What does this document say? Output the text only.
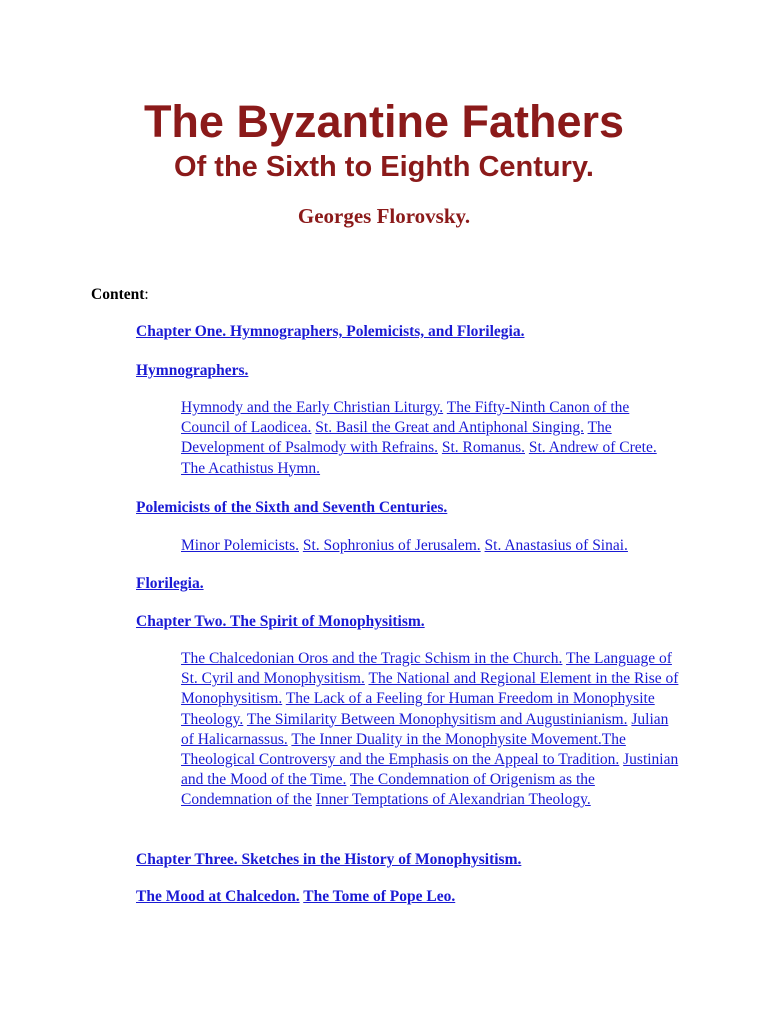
The Byzantine Fathers
Of the Sixth to Eighth Century.
Georges Florovsky.
Content:
Chapter One. Hymnographers, Polemicists, and Florilegia.
Hymnographers.
Hymnody and the Early Christian Liturgy. The Fifty-Ninth Canon of the Council of Laodicea. St. Basil the Great and Antiphonal Singing. The Development of Psalmody with Refrains. St. Romanus. St. Andrew of Crete. The Acathistus Hymn.
Polemicists of the Sixth and Seventh Centuries.
Minor Polemicists. St. Sophronius of Jerusalem. St. Anastasius of Sinai.
Florilegia.
Chapter Two. The Spirit of Monophysitism.
The Chalcedonian Oros and the Tragic Schism in the Church. The Language of St. Cyril and Monophysitism. The National and Regional Element in the Rise of Monophysitism. The Lack of a Feeling for Human Freedom in Monophysite Theology. The Similarity Between Monophysitism and Augustinianism. Julian of Halicarnassus. The Inner Duality in the Monophysite Movement.The Theological Controversy and the Emphasis on the Appeal to Tradition. Justinian and the Mood of the Time. The Condemnation of Origenism as the Condemnation of the Inner Temptations of Alexandrian Theology.
Chapter Three. Sketches in the History of Monophysitism.
The Mood at Chalcedon. The Tome of Pope Leo.
